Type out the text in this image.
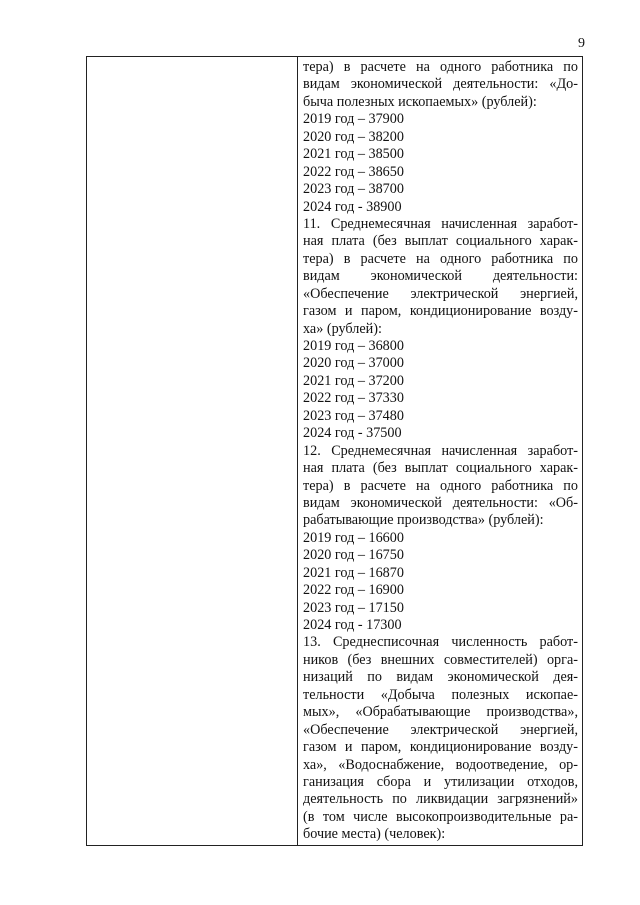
9
тера) в расчете на одного работника по
видам экономической деятельности: «До-
быча полезных ископаемых» (рублей):
2019 год – 37900
2020 год – 38200
2021 год – 38500
2022 год – 38650
2023 год – 38700
2024 год - 38900
11. Среднемесячная начисленная заработ-
ная плата (без выплат социального харак-
тера) в расчете на одного работника по
видам экономической деятельности:
«Обеспечение электрической энергией,
газом и паром, кондиционирование возду-
ха» (рублей):
2019 год – 36800
2020 год – 37000
2021 год – 37200
2022 год – 37330
2023 год – 37480
2024 год - 37500
12. Среднемесячная начисленная заработ-
ная плата (без выплат социального харак-
тера) в расчете на одного работника по
видам экономической деятельности: «Об-
рабатывающие производства» (рублей):
2019 год – 16600
2020 год – 16750
2021 год – 16870
2022 год – 16900
2023 год – 17150
2024 год - 17300
13. Среднесписочная численность работ-
ников (без внешних совместителей) орга-
низаций по видам экономической дея-
тельности «Добыча полезных ископае-
мых», «Обрабатывающие производства»,
«Обеспечение электрической энергией,
газом и паром, кондиционирование возду-
ха», «Водоснабжение, водоотведение, ор-
ганизация сбора и утилизации отходов,
деятельность по ликвидации загрязнений»
(в том числе высокопроизводительные ра-
бочие места) (человек):
